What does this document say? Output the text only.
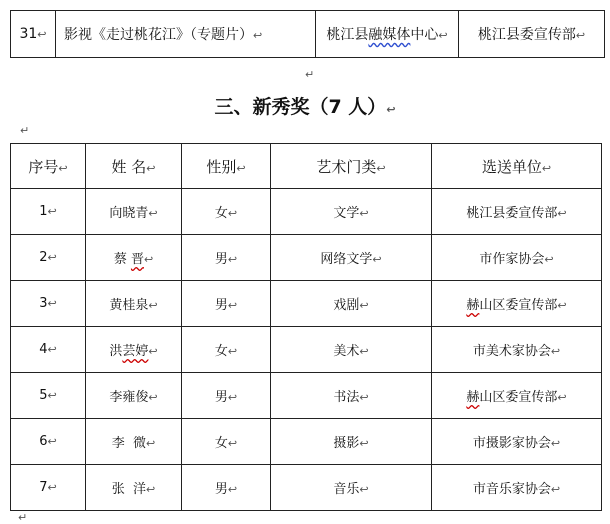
31↩	影视《走过桃花江》（专题片）↩	桃江县融媒体中心↩	桃江县委宣传部↩
↵
三、新秀奖（7 人）↩
↵
序号↩	姓 名↩	性别↩	艺术门类↩	选送单位↩
1↩	向晓青↩	女↩	文学↩	桃江县委宣传部↩
2↩	蔡 晋↩	男↩	网络文学↩	市作家协会↩
3↩	黄桂泉↩	男↩	戏剧↩	赫山区委宣传部↩
4↩	洪芸婷↩	女↩	美术↩	市美术家协会↩
5↩	李雍俊↩	男↩	书法↩	赫山区委宣传部↩
6↩	李  微↩	女↩	摄影↩	市摄影家协会↩
7↩	张  洋↩	男↩	音乐↩	市音乐家协会↩
↵
